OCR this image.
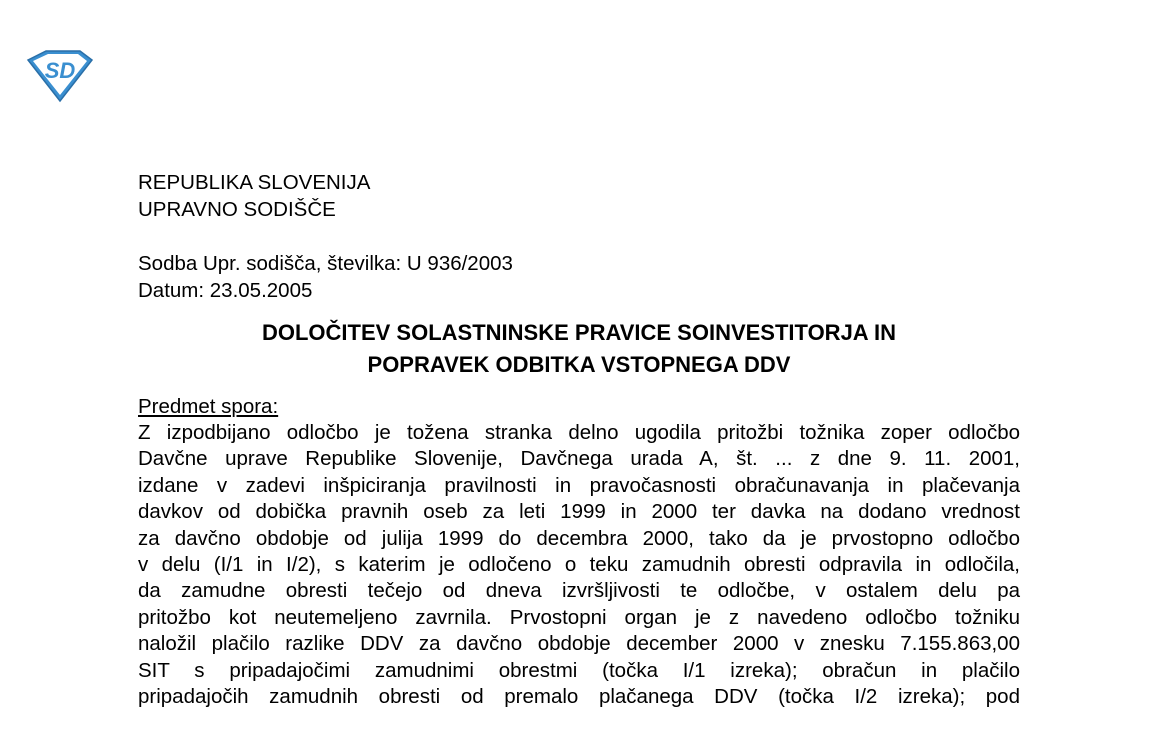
SD
REPUBLIKA SLOVENIJA
UPRAVNO SODIŠČE
Sodba Upr. sodišča, številka: U 936/2003
Datum: 23.05.2005
DOLOČITEV SOLASTNINSKE PRAVICE SOINVESTITORJA IN
POPRAVEK ODBITKA VSTOPNEGA DDV
Predmet spora:

Z izpodbijano odločbo je tožena stranka delno ugodila pritožbi tožnika zoper odločbo

Davčne uprave Republike Slovenije, Davčnega urada A, št. ... z dne 9. 11. 2001,

izdane v zadevi inšpiciranja pravilnosti in pravočasnosti obračunavanja in plačevanja

davkov od dobička pravnih oseb za leti 1999 in 2000 ter davka na dodano vrednost

za davčno obdobje od julija 1999 do decembra 2000, tako da je prvostopno odločbo

v delu (I/1 in I/2), s katerim je odločeno o teku zamudnih obresti odpravila in odločila,

da zamudne obresti tečejo od dneva izvršljivosti te odločbe, v ostalem delu pa

pritožbo kot neutemeljeno zavrnila. Prvostopni organ je z navedeno odločbo tožniku

naložil plačilo razlike DDV za davčno obdobje december 2000 v znesku 7.155.863,00

SIT s pripadajočimi zamudnimi obrestmi (točka I/1 izreka); obračun in plačilo

pripadajočih zamudnih obresti od premalo plačanega DDV (točka I/2 izreka); pod
